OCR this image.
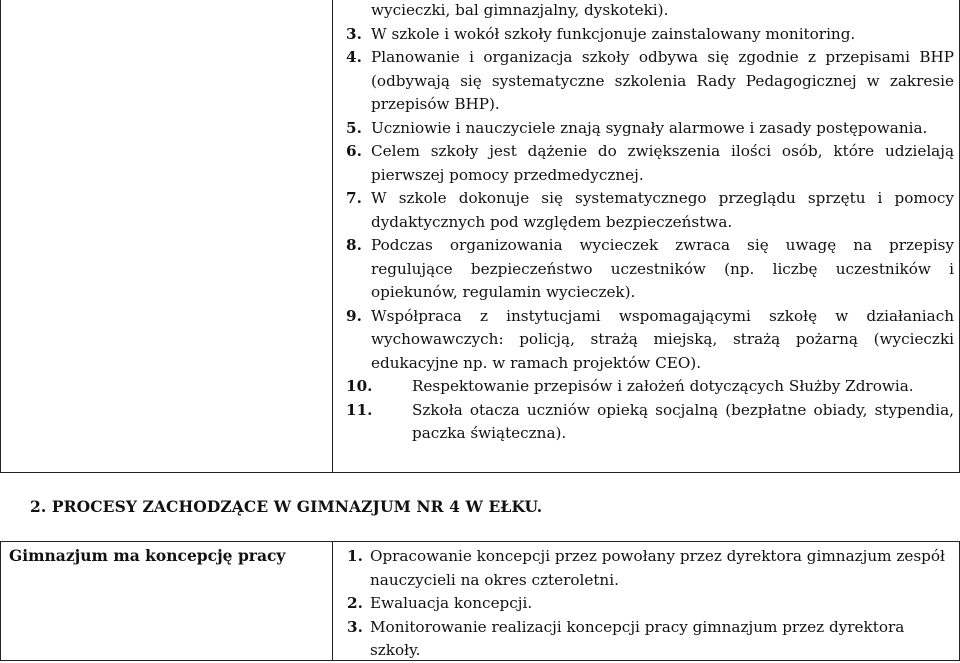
wycieczki, bal gimnazjalny, dyskoteki).
3. W szkole i wokół szkoły funkcjonuje zainstalowany monitoring.
4. Planowanie i organizacja szkoły odbywa się zgodnie z przepisami BHP (odbywają się systematyczne szkolenia Rady Pedagogicznej w zakresie przepisów BHP).
5. Uczniowie i nauczyciele znają sygnały alarmowe i zasady postępowania.
6. Celem szkoły jest dążenie do zwiększenia ilości osób, które udzielają pierwszej pomocy przedmedycznej.
7. W szkole dokonuje się systematycznego przeglądu sprzętu i pomocy dydaktycznych pod względem bezpieczeństwa.
8. Podczas organizowania wycieczek zwraca się uwagę na przepisy regulujące bezpieczeństwo uczestników (np. liczbę uczestników i opiekunów, regulamin wycieczek).
9. Współpraca z instytucjami wspomagającymi szkołę w działaniach wychowawczych: policją, strażą miejską, strażą pożarną (wycieczki edukacyjne np. w ramach projektów CEO).
10.	Respektowanie przepisów i założeń dotyczących Służby Zdrowia.
11.	Szkoła otacza uczniów opieką socjalną (bezpłatne obiady, stypendia, paczka świąteczna).
2. PROCESY ZACHODZĄCE W GIMNAZJUM NR 4 W EŁKU.
Gimnazjum ma koncepcję pracy	1. Opracowanie koncepcji przez powołany przez dyrektora gimnazjum zespół nauczycieli na okres czteroletni.
2. Ewaluacja koncepcji.
3. Monitorowanie realizacji koncepcji pracy gimnazjum przez dyrektora szkoły.
